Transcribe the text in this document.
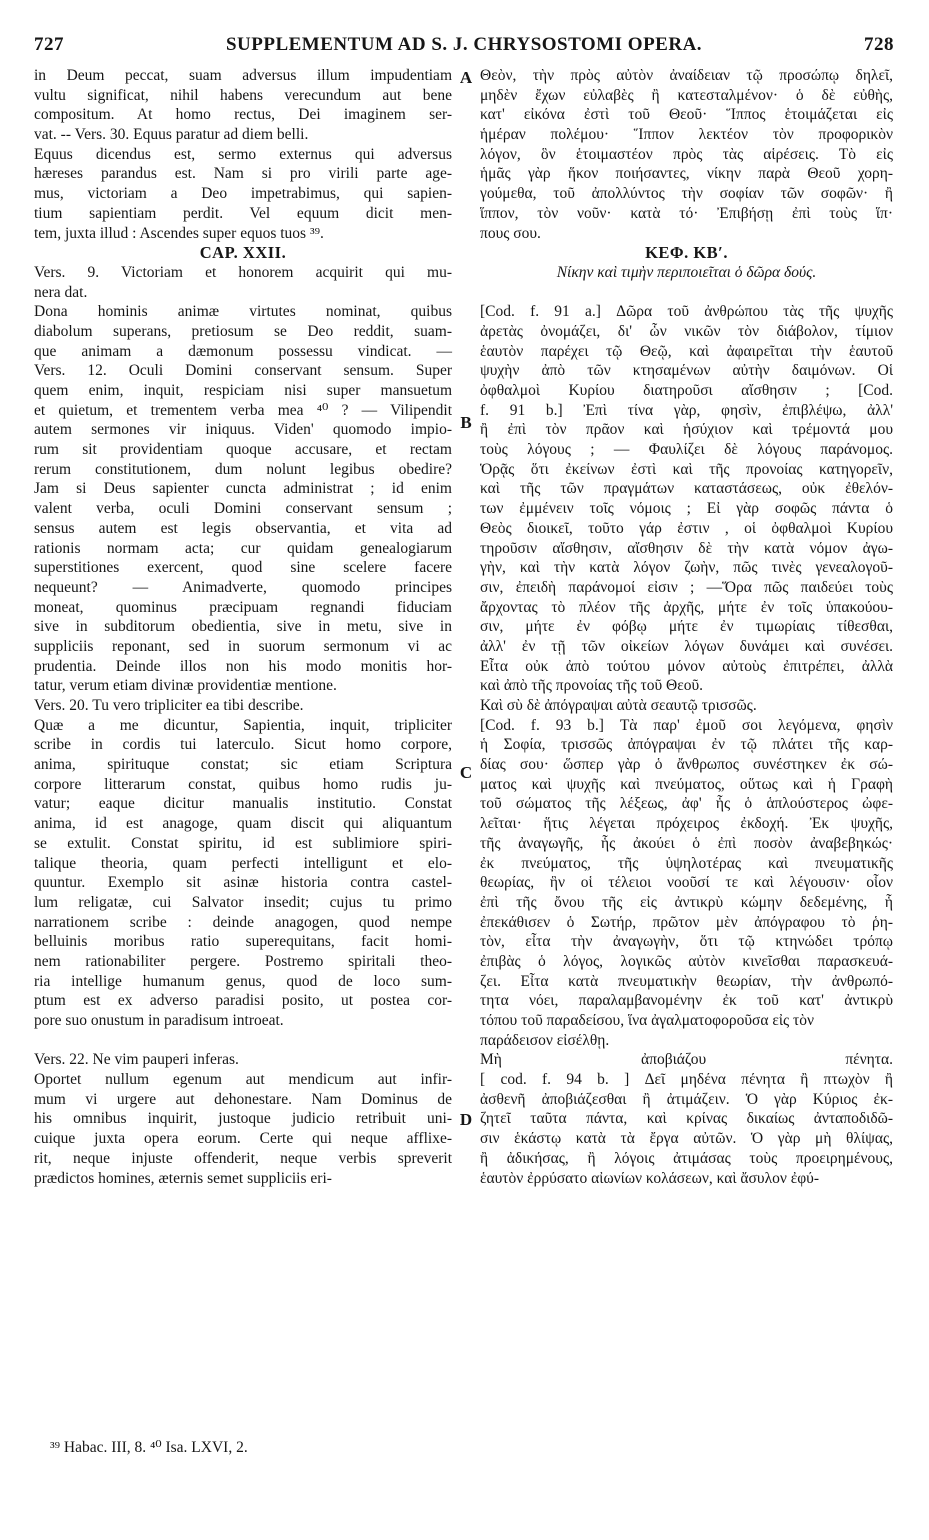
727	SUPPLEMENTUM AD S. J. CHRYSOSTOMI OPERA.	728
in Deum peccat, suam adversus illum impudentiam
vultu significat, nihil habens verecundum aut bene
compositum. At homo rectus, Dei imaginem ser-
vat. -- Vers. 30. Equus paratur ad diem belli.
Equus dicendus est, sermo externus qui adversus
hæreses parandus est. Nam si pro virili parte age-
mus, victoriam a Deo impetrabimus, qui sapien-
tium sapientiam perdit. Vel equum dicit men-
tem, juxta illud : Ascendes super equos tuos ³⁹.
CAP. XXII.
Vers. 9. Victoriam et honorem acquirit qui mu-
nera dat.
Dona hominis animæ virtutes nominat, quibus
diabolum superans, pretiosum se Deo reddit, suam-
que animam a dæmonum possessu vindicat. —
Vers. 12. Oculi Domini conservant sensum. Super
quem enim, inquit, respiciam nisi super mansuetum
et quietum, et trementem verba mea ⁴⁰ ? — Vilipendit
autem sermones vir iniquus. Viden' quomodo impio-
rum sit providentiam quoque accusare, et rectam
rerum constitutionem, dum nolunt legibus obedire?
Jam si Deus sapienter cuncta administrat ; id enim
valent verba, oculi Domini conservant sensum ;
sensus autem est legis observantia, et vita ad
rationis normam acta; cur quidam genealogiarum
superstitiones exercent, quod sine scelere facere
nequeunt? — Animadverte, quomodo principes
moneat, quominus præcipuam regnandi fiduciam
sive in subditorum obedientia, sive in metu, sive in
suppliciis reponant, sed in suorum sermonum vi ac
prudentia. Deinde illos non his modo monitis hor-
tatur, verum etiam divinæ providentiæ mentione.
Vers. 20. Tu vero tripliciter ea tibi describe.
Quæ a me dicuntur, Sapientia, inquit, tripliciter
scribe in cordis tui laterculo. Sicut homo corpore,
anima, spirituque constat; sic etiam Scriptura
corpore litterarum constat, quibus homo rudis ju-
vatur; eaque dicitur manualis institutio. Constat
anima, id est anagoge, quam discit qui aliquantum
se extulit. Constat spiritu, id est sublimiore spiri-
talique theoria, quam perfecti intelligunt et elo-
quuntur. Exemplo sit asinæ historia contra castel-
lum religatæ, cui Salvator insedit; cujus tu primo
narrationem scribe : deinde anagogen, quod nempe
belluinis moribus ratio superequitans, facit homi-
nem rationabiliter pergere. Postremo spiritali theo-
ria intellige humanum genus, quod de loco sum-
ptum est ex adverso paradisi posito, ut postea cor-
pore suo onustum in paradisum introeat.
Vers. 22. Ne vim pauperi inferas.
Oportet nullum egenum aut mendicum aut infir-
mum vi urgere aut dehonestare. Nam Dominus de
his omnibus inquirit, justoque judicio retribuit uni-
cuique juxta opera eorum. Certe qui neque afflixe-
rit, neque injuste offenderit, neque verbis spreverit
prædictos homines, æternis semet suppliciis eri-
Θεὸν, τὴν πρὸς αὐτὸν ἀναίδειαν τῷ προσώπῳ δηλεῖ,
μηδὲν ἔχων εὐλαβὲς ἢ κατεσταλμένον· ὁ δὲ εὐθὴς,
κατ' εἰκόνα ἐστὶ τοῦ Θεοῦ· Ἵππος ἑτοιμάζεται εἰς
ἡμέραν πολέμου· Ἵππον λεκτέον τὸν προφορικὸν
λόγον, ὃν ἑτοιμαστέον πρὸς τὰς αἱρέσεις. Τὸ εἰς
ἡμᾶς γὰρ ἥκον ποιήσαντες, νίκην παρὰ Θεοῦ χορη-
γούμεθα, τοῦ ἀπολλύντος τὴν σοφίαν τῶν σοφῶν· ἢ
ἵππον, τὸν νοῦν· κατὰ τό· Ἐπιβήσῃ ἐπὶ τοὺς ἵπ·
πους σου.
ΚΕΦ. ΚΒʹ.
Νίκην καὶ τιμὴν περιποιεῖται ὁ δῶρα δούς.
[Cod. f. 91 a.] Δῶρα τοῦ ἀνθρώπου τὰς τῆς ψυχῆς
ἀρετὰς ὀνομάζει, δι' ὧν νικῶν τὸν διάβολον, τίμιον
ἑαυτὸν παρέχει τῷ Θεῷ, καὶ ἀφαιρεῖται τὴν ἑαυτοῦ
ψυχὴν ἀπὸ τῶν κτησαμένων αὐτὴν δαιμόνων. Οἱ
ὀφθαλμοὶ Κυρίου διατηροῦσι αἴσθησιν ; [Cod.
f. 91 b.] Ἐπὶ τίνα γὰρ, φησὶν, ἐπιβλέψω, ἀλλ'
ἢ ἐπὶ τὸν πρᾶον καὶ ἡσύχιον καὶ τρέμοντά μου
τοὺς λόγους ; — Φαυλίζει δὲ λόγους παράνομος.
Ὁρᾷς ὅτι ἐκείνων ἐστὶ καὶ τῆς προνοίας κατηγορεῖν,
καὶ τῆς τῶν πραγμάτων καταστάσεως, οὐκ ἐθελόν-
των ἐμμένειν τοῖς νόμοις ; Εἰ γὰρ σοφῶς πάντα ὁ
Θεὸς διοικεῖ, τοῦτο γάρ ἐστιν , οἱ ὀφθαλμοὶ Κυρίου
τηροῦσιν αἴσθησιν, αἴσθησιν δὲ τὴν κατὰ νόμον ἀγω-
γὴν, καὶ τὴν κατὰ λόγον ζωὴν, πῶς τινὲς γενεαλογοῦ-
σιν, ἐπειδὴ παράνομοί εἰσιν ; —Ὅρα πῶς παιδεύει τοὺς
ἄρχοντας τὸ πλέον τῆς ἀρχῆς, μήτε ἐν τοῖς ὑπακούου-
σιν, μήτε ἐν φόβῳ μήτε ἐν τιμωρίαις τίθεσθαι,
ἀλλ' ἐν τῇ τῶν οἰκείων λόγων δυνάμει καὶ συνέσει.
Εἶτα οὐκ ἀπὸ τούτου μόνον αὐτοὺς ἐπιτρέπει, ἀλλὰ
καὶ ἀπὸ τῆς προνοίας τῆς τοῦ Θεοῦ.
Καὶ σὺ δὲ ἀπόγραψαι αὐτὰ σεαυτῷ τρισσῶς.
[Cod. f. 93 b.] Τὰ παρ' ἐμοῦ σοι λεγόμενα, φησὶν
ἡ Σοφία, τρισσῶς ἀπόγραψαι ἐν τῷ πλάτει τῆς καρ-
δίας σου· ὥσπερ γὰρ ὁ ἄνθρωπος συνέστηκεν ἐκ σώ-
ματος καὶ ψυχῆς καὶ πνεύματος, οὕτως καὶ ἡ Γραφὴ
τοῦ σώματος τῆς λέξεως, ἀφ' ἧς ὁ ἁπλούστερος ὠφε-
λεῖται· ἥτις λέγεται πρόχειρος ἐκδοχή. Ἐκ ψυχῆς,
τῆς ἀναγωγῆς, ἧς ἀκούει ὁ ἐπὶ ποσὸν ἀναβεβηκώς·
ἐκ πνεύματος, τῆς ὑψηλοτέρας καὶ πνευματικῆς
θεωρίας, ἣν οἱ τέλειοι νοοῦσί τε καὶ λέγουσιν· οἷον
ἐπὶ τῆς ὄνου τῆς εἰς ἀντικρὺ κώμην δεδεμένης, ἧ
ἐπεκάθισεν ὁ Σωτήρ, πρῶτον μὲν ἀπόγραφου τὸ ῥη-
τὸν, εἶτα τὴν ἀναγωγὴν, ὅτι τῷ κτηνώδει τρόπῳ
ἐπιβὰς ὁ λόγος, λογικῶς αὐτὸν κινεῖσθαι παρασκευά-
ζει. Εἶτα κατὰ πνευματικὴν θεωρίαν, τὴν ἀνθρωπό-
τητα νόει, παραλαμβανομένην ἐκ τοῦ κατ' ἀντικρὺ
τόπου τοῦ παραδείσου, ἵνα ἀγαλματοφοροῦσα εἰς τὸν
παράδεισον εἰσέλθῃ.
Μὴ ἀποβιάζου πένητα.
[ cod. f. 94 b. ] Δεῖ μηδένα πένητα ἢ πτωχὸν ἢ
ἀσθενῆ ἀποβιάζεσθαι ἢ ἀτιμάζειν. Ὁ γὰρ Κύριος ἐκ-
ζητεῖ ταῦτα πάντα, καὶ κρίνας δικαίως ἀνταποδιδῶ-
σιν ἑκάστῳ κατὰ τὰ ἔργα αὐτῶν. Ὁ γὰρ μὴ θλίψας,
ἢ ἀδικήσας, ἢ λόγοις ἀτιμάσας τοὺς προειρημένους,
ἑαυτὸν ἐρρύσατο αἰωνίων κολάσεων, καὶ ἄσυλον ἐφύ-
A
B
C
D
³⁹ Habac. III, 8. ⁴⁰ Isa. LXVI, 2.
